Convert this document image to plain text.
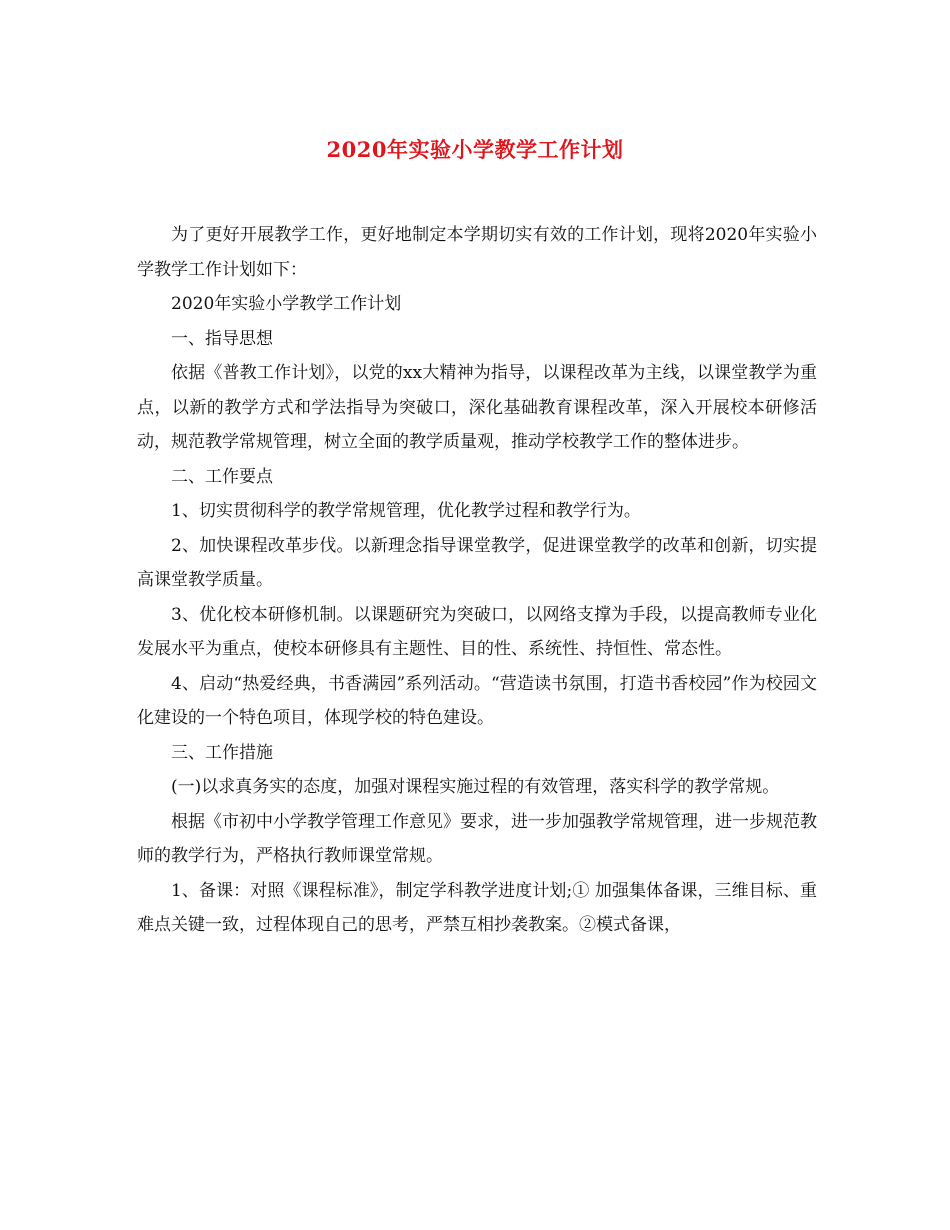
2020年实验小学教学工作计划

为了更好开展教学工作，更好地制定本学期切实有效的工作计划，现将2020年实验小学教学工作计划如下：

2020年实验小学教学工作计划

一、指导思想

依据《普教工作计划》，以党的xx大精神为指导，以课程改革为主线，以课堂教学为重点，以新的教学方式和学法指导为突破口，深化基础教育课程改革，深入开展校本研修活动，规范教学常规管理，树立全面的教学质量观，推动学校教学工作的整体进步。

二、工作要点

1、切实贯彻科学的教学常规管理，优化教学过程和教学行为。

2、加快课程改革步伐。以新理念指导课堂教学，促进课堂教学的改革和创新，切实提高课堂教学质量。

3、优化校本研修机制。以课题研究为突破口，以网络支撑为手段，以提高教师专业化发展水平为重点，使校本研修具有主题性、目的性、系统性、持恒性、常态性。

4、启动“热爱经典，书香满园”系列活动。“营造读书氛围，打造书香校园”作为校园文化建设的一个特色项目，体现学校的特色建设。

三、工作措施

(一)以求真务实的态度，加强对课程实施过程的有效管理，落实科学的教学常规。

根据《市初中小学教学管理工作意见》要求，进一步加强教学常规管理，进一步规范教师的教学行为，严格执行教师课堂常规。

1、备课：对照《课程标准》，制定学科教学进度计划;① 加强集体备课，三维目标、重难点关键一致，过程体现自己的思考，严禁互相抄袭教案。②模式备课，
